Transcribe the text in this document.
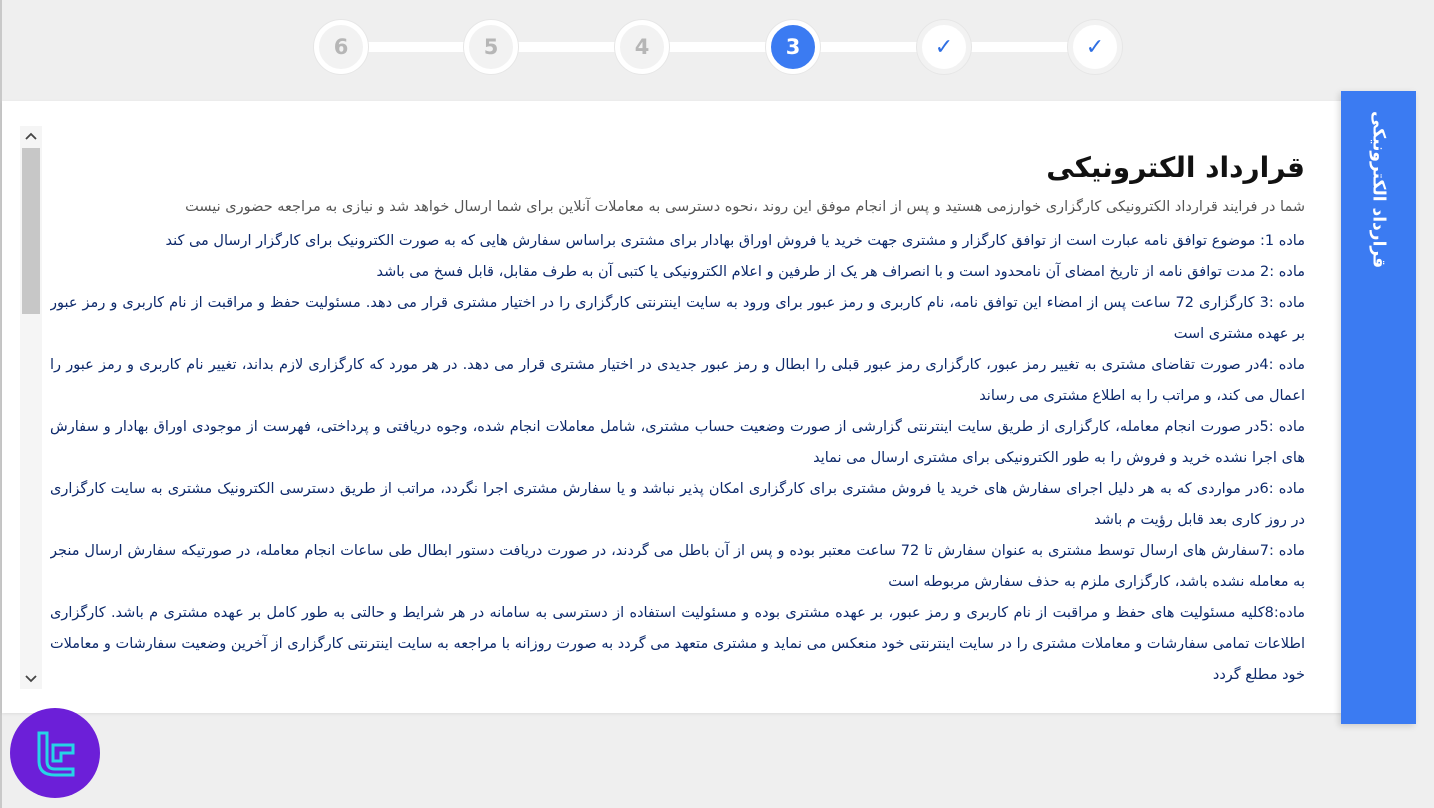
6	5	4	3	✓	✓
قرارداد الکترونیکی
قرارداد الکترونیکی

شما در فرایند قرارداد الکترونیکی کارگزاری خوارزمی هستید و پس از انجام موفق این روند ،نحوه دسترسی به معاملات آنلاین برای شما ارسال خواهد شد و نیازی به مراجعه حضوری نیست

ماده 1: موضوع توافق نامه عبارت است از توافق کارگزار و مشتری جهت خرید یا فروش اوراق بهادار برای مشتری براساس سفارش هایی که به صورت الکترونیک برای کارگزار ارسال می کند

ماده :2 مدت توافق نامه از تاریخ امضای آن نامحدود است و با انصراف هر یک از طرفین و اعلام الکترونیکی یا کتبی آن به طرف مقابل، قابل فسخ می باشد

ماده :3 کارگزاری 72 ساعت پس از امضاء این توافق نامه، نام کاربری و رمز عبور برای ورود به سایت اینترنتی کارگزاری را در اختیار مشتری قرار می دهد. مسئولیت حفظ و مراقبت از نام کاربری و رمز عبور بر عهده مشتری است

ماده :4در صورت تقاضای مشتری به تغییر رمز عبور، کارگزاری رمز عبور قبلی را ابطال و رمز عبور جدیدی در اختیار مشتری قرار می دهد. در هر مورد که کارگزاری لازم بداند، تغییر نام کاربری و رمز عبور را اعمال می کند، و مراتب را به اطلاع مشتری می رساند

ماده :5در صورت انجام معامله، کارگزاری از طریق سایت اینترنتی گزارشی از صورت وضعیت حساب مشتری، شامل معاملات انجام شده، وجوه دریافتی و پرداختی، فهرست از موجودی اوراق بهادار و سفارش های اجرا نشده خرید و فروش را به طور الکترونیکی برای مشتری ارسال می نماید

ماده :6در مواردی که به هر دلیل اجرای سفارش های خرید یا فروش مشتری برای کارگزاری امکان پذیر نباشد و یا سفارش مشتری اجرا نگردد، مراتب از طریق دسترسی الکترونیک مشتری به سایت کارگزاری در روز کاری بعد قابل رؤیت م باشد

ماده :7سفارش های ارسال توسط مشتری به عنوان سفارش تا 72 ساعت معتبر بوده و پس از آن باطل می گردند، در صورت دریافت دستور ابطال طی ساعات انجام معامله، در صورتیکه سفارش ارسال منجر به معامله نشده باشد، کارگزاری ملزم به حذف سفارش مربوطه است

ماده:8کلیه مسئولیت های حفظ و مراقبت از نام کاربری و رمز عبور، بر عهده مشتری بوده و مسئولیت استفاده از دسترسی به سامانه در هر شرایط و حالتی به طور کامل بر عهده مشتری م باشد. کارگزاری اطلاعات تمامی سفارشات و معاملات مشتری را در سایت اینترنتی خود منعکس می نماید و مشتری متعهد می گردد به صورت روزانه با مراجعه به سایت اینترنتی کارگزاری از آخرین وضعیت سفارشات و معاملات خود مطلع گردد
